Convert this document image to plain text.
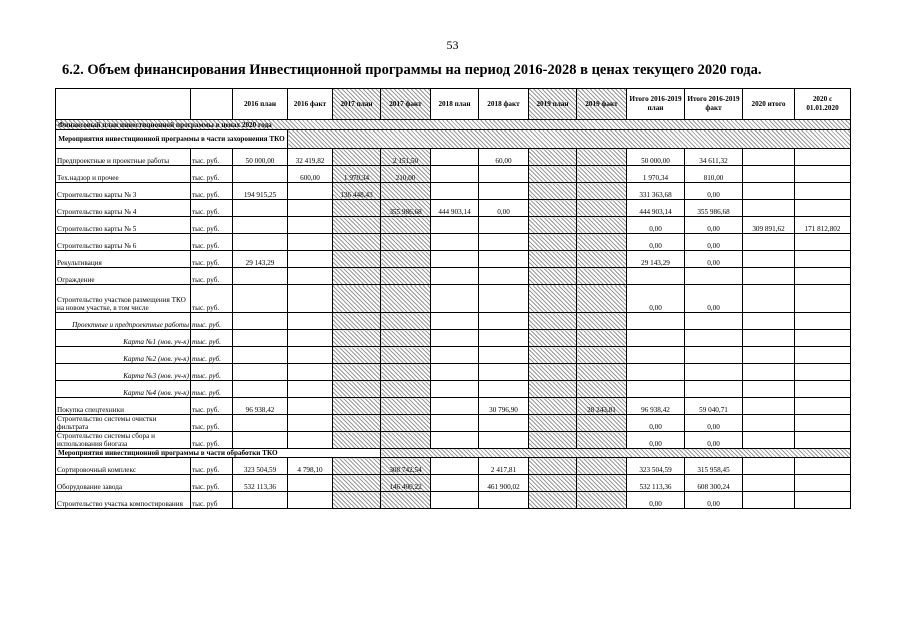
53
6.2. Объем финансирования Инвестиционной программы на период 2016-2028 в ценах текущего 2020 года.
		2016 план	2016 факт	2017 план	2017 факт	2018 план	2018 факт	2019 план	2019 факт	Итого 2016-2019 план	Итого 2016-2019 факт	2020 итого	2020 с 01.01.2020
Финансовый план инвестиционной программы в ценах 2020 года													
Мероприятия инвестиционной программы в части захоронения ТКО													
Предпроектные и проектные работы	тыс. руб.	50 000,00	32 419,82		2 151,50		60,00			50 000,00	34 611,32		
Тех.надзор и прочее	тыс. руб.		600,00	1 970,34	210,00					1 970,34	810,00		
Строительство карты № 3	тыс. руб.	194 915,25		136 448,43						331 363,68	0,00		
Строительство карты № 4	тыс. руб.				355 986,68	444 903,14	0,00			444 903,14	355 986,68		
Строительство карты № 5	тыс. руб.									0,00	0,00	309 891,62	171 812,802
Строительство карты № 6	тыс. руб.									0,00	0,00		
Рекультивация	тыс. руб.	29 143,29								29 143,29	0,00		
Ограждение	тыс. руб.												
Строительство участков размещения ТКО на новом участке, в том числе	тыс. руб.									0,00	0,00		
Проектные и предпроектные работы	тыс. руб.												
Карта №1 (нов. уч-к)	тыс. руб.												
Карта №2 (нов. уч-к)	тыс. руб.												
Карта №3 (нов. уч-к)	тыс. руб.												
Карта №4 (нов. уч-к)	тыс. руб.												
Покупка спецтехники	тыс. руб.	96 938,42					30 796,90		28 243,81	96 938,42	59 040,71		
Строительство системы очистки фильтрата	тыс. руб.									0,00	0,00		
Строительство системы сбора и использования биогаза	тыс. руб.									0,00	0,00		
Мероприятия инвестиционной программы в части обработки ТКО													
Сортировочный комплекс	тыс. руб.	323 504,59	4 798,10		308 742,54		2 417,81			323 504,59	315 958,45		
Оборудование завода	тыс. руб.	532 113,36			146 400,22		461 900,02			532 113,36	608 300,24		
Строительство участка компостирования	тыс. руб									0,00	0,00		
